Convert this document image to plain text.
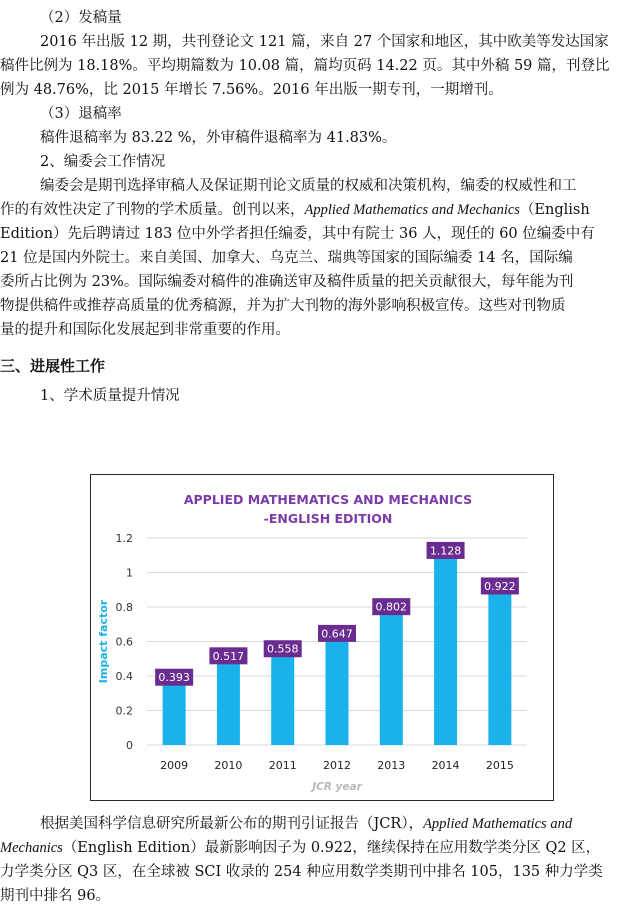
（2）发稿量
2016 年出版 12 期，共刊登论文 121 篇，来自 27 个国家和地区，其中欧美等发达国家
稿件比例为 18.18%。平均期篇数为 10.08 篇，篇均页码 14.22 页。其中外稿 59 篇，刊登比
例为 48.76%，比 2015 年增长 7.56%。2016 年出版一期专刊，一期增刊。
（3）退稿率
稿件退稿率为 83.22 %，外审稿件退稿率为 41.83%。
2、编委会工作情况
编委会是期刊选择审稿人及保证期刊论文质量的权威和决策机构，编委的权威性和工
作的有效性决定了刊物的学术质量。创刊以来，Applied Mathematics and Mechanics（English
Edition）先后聘请过 183 位中外学者担任编委，其中有院士 36 人，现任的 60 位编委中有
21 位是国内外院士。来自美国、加拿大、乌克兰、瑞典等国家的国际编委 14 名，国际编
委所占比例为 23%。国际编委对稿件的准确送审及稿件质量的把关贡献很大，每年能为刊
物提供稿件或推荐高质量的优秀稿源，并为扩大刊物的海外影响积极宣传。这些对刊物质
量的提升和国际化发展起到非常重要的作用。
三、进展性工作
1、学术质量提升情况
APPLIED MATHEMATICS AND MECHANICS
-ENGLISH EDITION
0
0.2
0.4
0.6
0.8
1
1.2
Impact factor	0.393
2009
0.517
2010
0.558
2011
0.647
2012
0.802
2013
1.128
2014
0.922
2015
JCR year
根据美国科学信息研究所最新公布的期刊引证报告（JCR），Applied Mathematics and
Mechanics（English Edition）最新影响因子为 0.922，继续保持在应用数学类分区 Q2 区，
力学类分区 Q3 区，在全球被 SCI 收录的 254 种应用数学类期刊中排名 105，135 种力学类
期刊中排名 96。
